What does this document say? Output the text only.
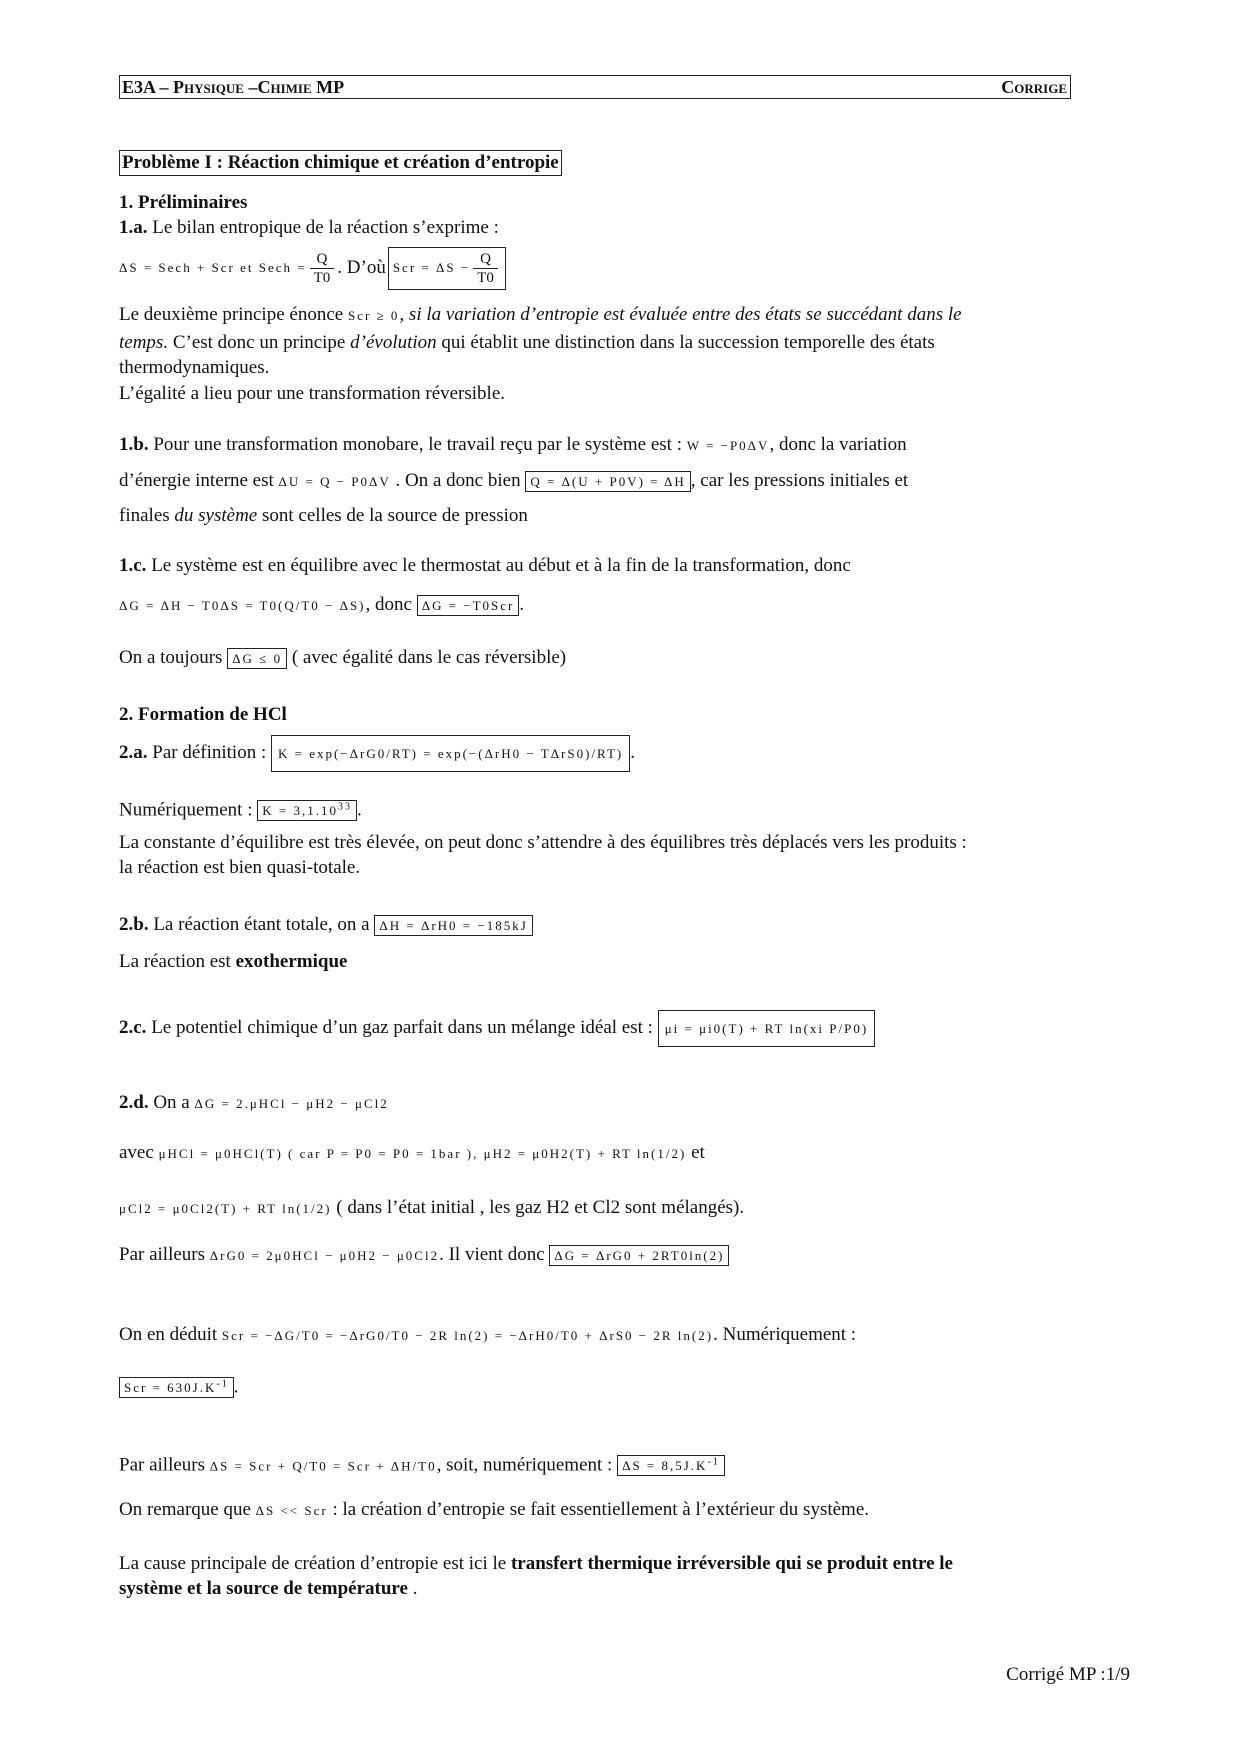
E3A – Physique –Chimie MP	Corrige
Problème I : Réaction chimique et création d’entropie
1. Préliminaires
1.a. Le bilan entropique de la réaction s’exprime :
ΔS = Sech + Scr et Sech = $\frac{Q}{T0}$ . D’où Scr = $\Delta S - \frac{Q}{T0}$
Le deuxième principe énonce Scr ≥ 0, si la variation d’entropie est évaluée entre des états se succédant dans le
temps. C’est donc un principe d’évolution qui établit une distinction dans la succession temporelle des états
thermodynamiques.
L’égalité a lieu pour une transformation réversible.
1.b. Pour une transformation monobare, le travail reçu par le système est : W = −P0ΔV, donc la variation
d’énergie interne est ΔU = Q − P0ΔV . On a donc bien Q = Δ(U + P0V) = ΔH , car les pressions initiales et
finales du système sont celles de la source de pression
1.c. Le système est en équilibre avec le thermostat au début et à la fin de la transformation, donc
ΔG = ΔH − T0ΔS = T0(Q/T0 − ΔS), donc ΔG = −T0Scr .
On a toujours ΔG ≤ 0 ( avec égalité dans le cas réversible)
2. Formation de HCl
2.a. Par définition : K = exp(−ΔrG0/RT) = exp(−(ΔrH0 − TΔrS0)/RT) .
Numériquement : $K = 3,1.10^{33}$ .
La constante d’équilibre est très élevée, on peut donc s’attendre à des équilibres très déplacés vers les produits :
la réaction est bien quasi-totale.
2.b. La réaction étant totale, on a ΔH = ΔrH0 = −185kJ
La réaction est exothermique
2.c. Le potentiel chimique d’un gaz parfait dans un mélange idéal est : μi = μi0(T) + RT ln(xi P/P0)
2.d. On a ΔG = 2.μHCl − μH2 − μCl2
avec μHCl = μ0HCl(T) ( car P = P0 = P0 = 1bar ), μH2 = μ0H2(T) + RT ln(1/2) et
μCl2 = μ0Cl2(T) + RT ln(1/2) ( dans l’état initial , les gaz H2 et Cl2 sont mélangés).
Par ailleurs ΔrG0 = 2μ0HCl − μ0H2 − μ0Cl2. Il vient donc ΔG = ΔrG0 + 2RT0ln(2)
On en déduit Scr = −ΔG/T0 = −ΔrG0/T0 − 2R ln(2) = −ΔrH0/T0 + ΔrS0 − 2R ln(2). Numériquement :
Scr = $630J.K^{-1}$ .
Par ailleurs ΔS = Scr + Q/T0 = Scr + ΔH/T0, soit, numériquement : $\Delta S = 8,5J.K^{-1}$
On remarque que ΔS << Scr : la création d’entropie se fait essentiellement à l’extérieur du système.
La cause principale de création d’entropie est ici le transfert thermique irréversible qui se produit entre le
système et la source de température .
Corrigé MP :1/9
